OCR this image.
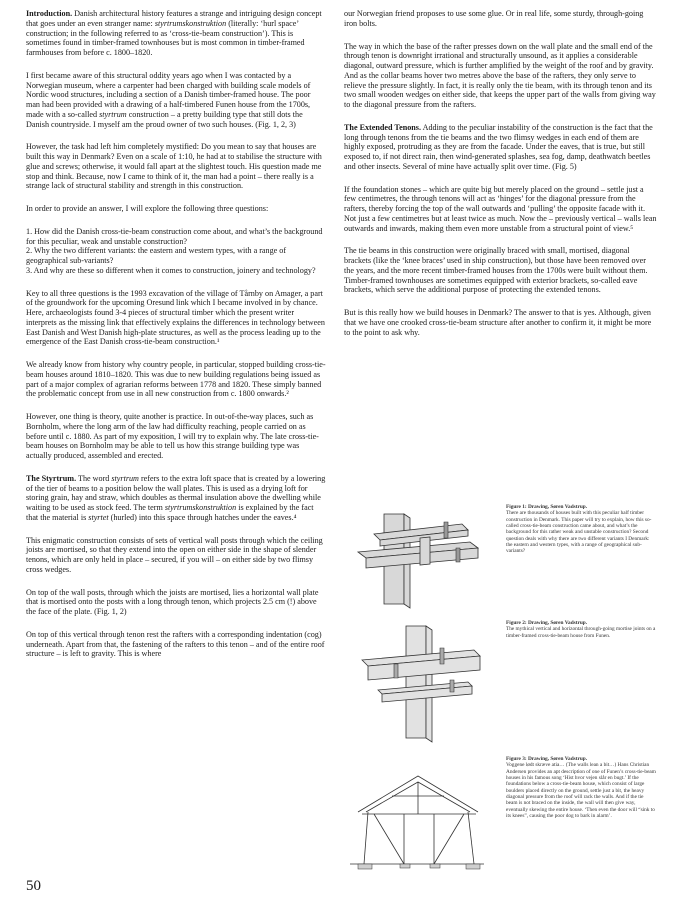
Introduction. Danish architectural history features a strange and intriguing design concept that goes under an even stranger name: styrtrumskonstruktion (literally: ‘hurl space’ construction; in the following referred to as ‘cross-tie-beam construction’). This is sometimes found in timber-framed townhouses but is most common in timber-framed farmhouses from before c. 1800–1820.

I first became aware of this structural oddity years ago when I was contacted by a Norwegian museum, where a carpenter had been charged with building scale models of Nordic wood structures, including a section of a Danish timber-framed house. The poor man had been provided with a drawing of a half-timbered Funen house from the 1700s, made with a so-called styrtrum construction – a pretty building type that still dots the Danish countryside. I myself am the proud owner of two such houses. (Fig. 1, 2, 3)

However, the task had left him completely mystified: Do you mean to say that houses are built this way in Denmark? Even on a scale of 1:10, he had at to stabilise the structure with glue and screws; otherwise, it would fall apart at the slightest touch. His question made me stop and think. Because, now I came to think of it, the man had a point – there really is a strange lack of structural stability and strength in this construction.

In order to provide an answer, I will explore the following three questions:

1. How did the Danish cross-tie-beam construction come about, and what’s the background for this peculiar, weak and unstable construction?

2. Why the two different variants: the eastern and western types, with a range of geographical sub-variants?

3. And why are these so different when it comes to construction, joinery and technology?

Key to all three questions is the 1993 excavation of the village of Tårnby on Amager, a part of the groundwork for the upcoming Oresund link which I became involved in by chance. Here, archaeologists found 3-4 pieces of structural timber which the present writer interprets as the missing link that effectively explains the differences in technology between East Danish and West Danish high-plate structures, as well as the process leading up to the emergence of the East Danish cross-tie-beam construction.¹

We already know from history why country people, in particular, stopped building cross-tie-beam houses around 1810–1820. This was due to new building regulations being issued as part of a major complex of agrarian reforms between 1778 and 1820. These simply banned the problematic concept from use in all new construction from c. 1800 onwards.²

However, one thing is theory, quite another is practice. In out-of-the-way places, such as Bornholm, where the long arm of the law had difficulty reaching, people carried on as before until c. 1880. As part of my exposition, I will try to explain why. The late cross-tie-beam houses on Bornholm may be able to tell us how this strange building type was actually produced, assembled and erected.

The Styrtrum. The word styrtrum refers to the extra loft space that is created by a lowering of the tier of beams to a position below the wall plates. This is used as a drying loft for storing grain, hay and straw, which doubles as thermal insulation above the dwelling while waiting to be used as stock feed. The term styrtrumskonstruktion is explained by the fact that the material is styrtet (hurled) into this space through hatches under the eaves.⁴

This enigmatic construction consists of sets of vertical wall posts through which the ceiling joists are mortised, so that they extend into the open on either side in the shape of slender tenons, which are only held in place – secured, if you will – on either side by two flimsy cross wedges.

On top of the wall posts, through which the joists are mortised, lies a horizontal wall plate that is mortised onto the posts with a long through tenon, which projects 2.5 cm (!) above the face of the plate. (Fig. 1, 2)

On top of this vertical through tenon rest the rafters with a corresponding indentation (cog) underneath. Apart from that, the fastening of the rafters to this tenon – and of the entire roof structure – is left to gravity. This is where

our Norwegian friend proposes to use some glue. Or in real life, some sturdy, through-going iron bolts.

The way in which the base of the rafter presses down on the wall plate and the small end of the through tenon is downright irrational and structurally unsound, as it applies a considerable diagonal, outward pressure, which is further amplified by the weight of the roof and by gravity. And as the collar beams hover two metres above the base of the rafters, they only serve to relieve the pressure slightly. In fact, it is really only the tie beam, with its through tenon and its two small wooden wedges on either side, that keeps the upper part of the walls from giving way to the diagonal pressure from the rafters.

The Extended Tenons. Adding to the peculiar instability of the construction is the fact that the long through tenons from the tie beams and the two flimsy wedges in each end of them are highly exposed, protruding as they are from the facade. Under the eaves, that is true, but still exposed to, if not direct rain, then wind-generated splashes, sea fog, damp, deathwatch beetles and other insects. Several of mine have actually split over time. (Fig. 5)

If the foundation stones – which are quite big but merely placed on the ground – settle just a few centimetres, the through tenons will act as ‘hinges’ for the diagonal pressure from the rafters, thereby forcing the top of the wall outwards and ‘pulling’ the opposite facade with it. Not just a few centimetres but at least twice as much. Now the – previously vertical – walls lean outwards and inwards, making them even more unstable from a structural point of view.⁵

The tie beams in this construction were originally braced with small, mortised, diagonal brackets (like the ‘knee braces’ used in ship construction), but those have been removed over the years, and the more recent timber-framed houses from the 1700s were built without them. Timber-framed townhouses are sometimes equipped with exterior brackets, so-called eave brackets, which serve the additional purpose of protecting the extended tenons.

But is this really how we build houses in Denmark? The answer to that is yes. Although, given that we have one crooked cross-tie-beam structure after another to confirm it, it might be more to the point to ask why.

Figure 1: Drawing, Søren Vadstrup.
There are thousands of houses built with this peculiar half timber construction in Denmark. This paper will try to explain, how this so-called cross-tie-beam construction came about, and what’s the background for this rather weak and unstable construction? Second question deals with why there are two different variants I Denmark: the eastern and western types, with a range of geographical sub-variants?
Figure 2: Drawing, Søren Vadstrup.
The mythical vertical and horizontal through-going mortise joints on a timber-framed cross-tie-beam house from Funen.
Figure 3: Drawing, Søren Vadstrup.
Voggene lødt skræve atia… (The walls lean a bit…) Hans Christian Andersen provides an apt description of one of Funen’s cross-tie-beam houses in his famous song ‘Hist hvor vejen slår en bugt.’ If the foundations below a cross-tie-beam house, which consist of large boulders placed directly on the ground, settle just a bit, the heavy diagonal pressure from the roof will rack the walls. And if the tie beam is not braced on the inside, the wall will then give way, eventually skewing the entire house. ‘Then even the door will “sink to its knees”, causing the poor dog to bark in alarm’.
50
